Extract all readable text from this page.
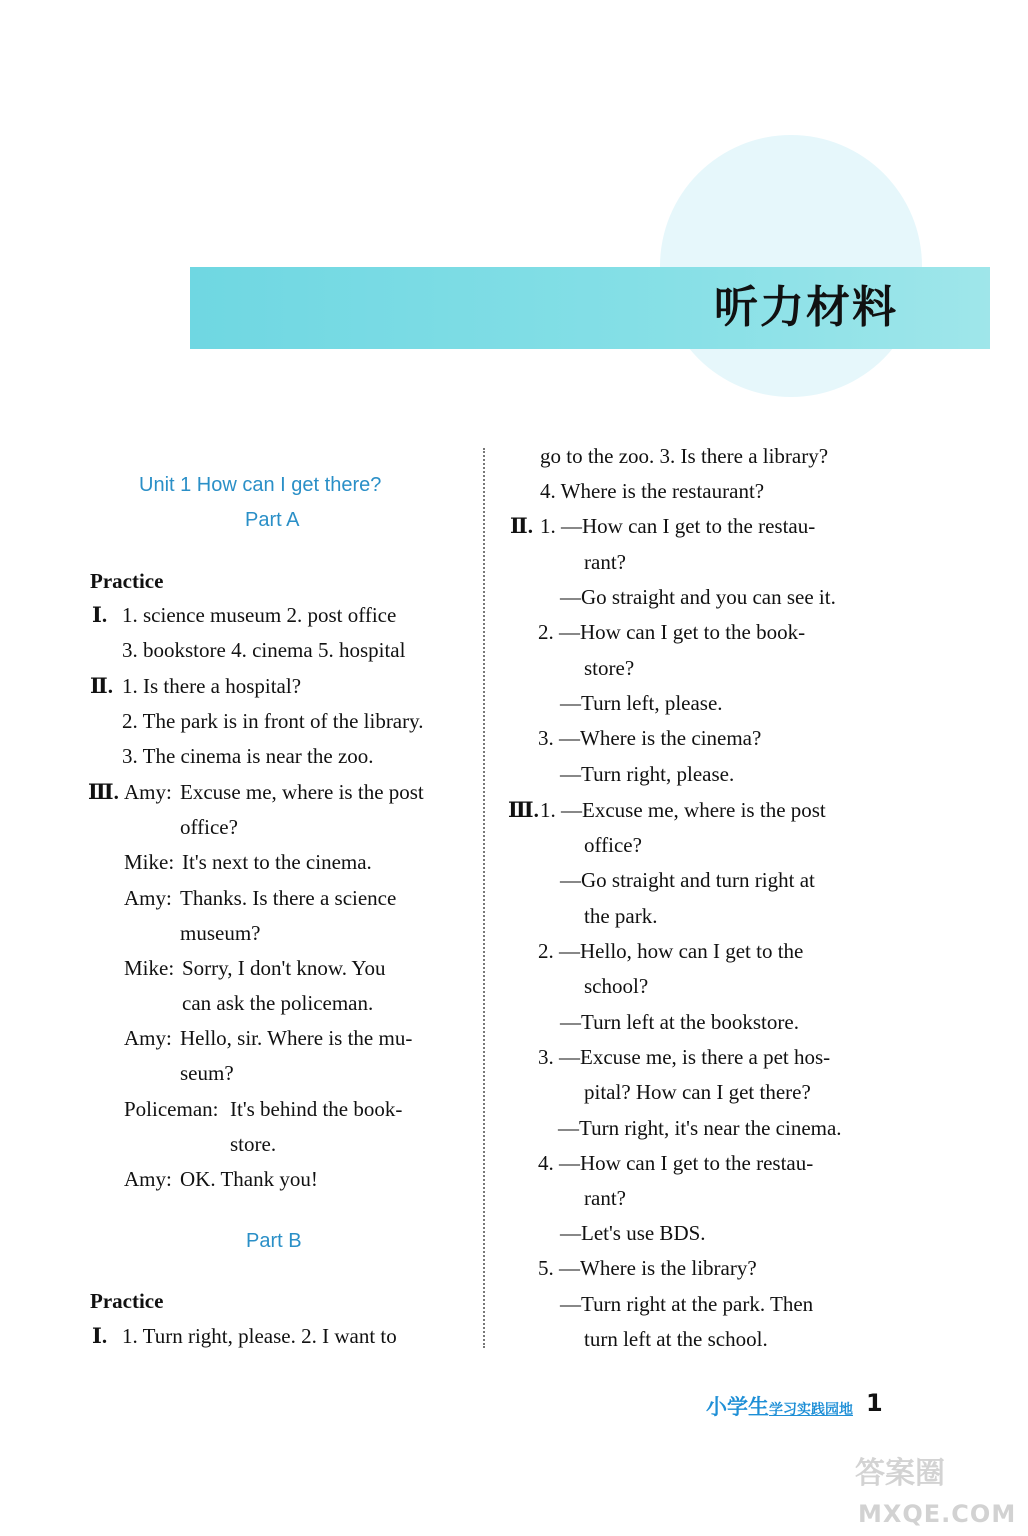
听力材料
Unit 1 How can I get there?
Part A
Practice
Ⅰ. 1. science museum 2. post office
3. bookstore 4. cinema 5. hospital
Ⅱ. 1. Is there a hospital?
2. The park is in front of the library.
3. The cinema is near the zoo.
Ⅲ. Amy: Excuse me, where is the post
office?
Mike: It's next to the cinema.
Amy: Thanks. Is there a science
museum?
Mike: Sorry, I don't know. You
can ask the policeman.
Amy: Hello, sir. Where is the mu-
seum?
Policeman: It's behind the book-
store.
Amy: OK. Thank you!
Part B
Practice
Ⅰ. 1. Turn right, please. 2. I want to
go to the zoo. 3. Is there a library?
4. Where is the restaurant?
Ⅱ. 1. —How can I get to the restau-
rant?
—Go straight and you can see it.
2. —How can I get to the book-
store?
—Turn left, please.
3. —Where is the cinema?
—Turn right, please.
Ⅲ. 1. —Excuse me, where is the post
office?
—Go straight and turn right at
the park.
2. —Hello, how can I get to the
school?
—Turn left at the bookstore.
3. —Excuse me, is there a pet hos-
pital? How can I get there?
—Turn right, it's near the cinema.
4. —How can I get to the restau-
rant?
—Let's use BDS.
5. —Where is the library?
—Turn right at the park. Then
turn left at the school.
小学生学习实践园地 1
答案圈
MXQE.COM
